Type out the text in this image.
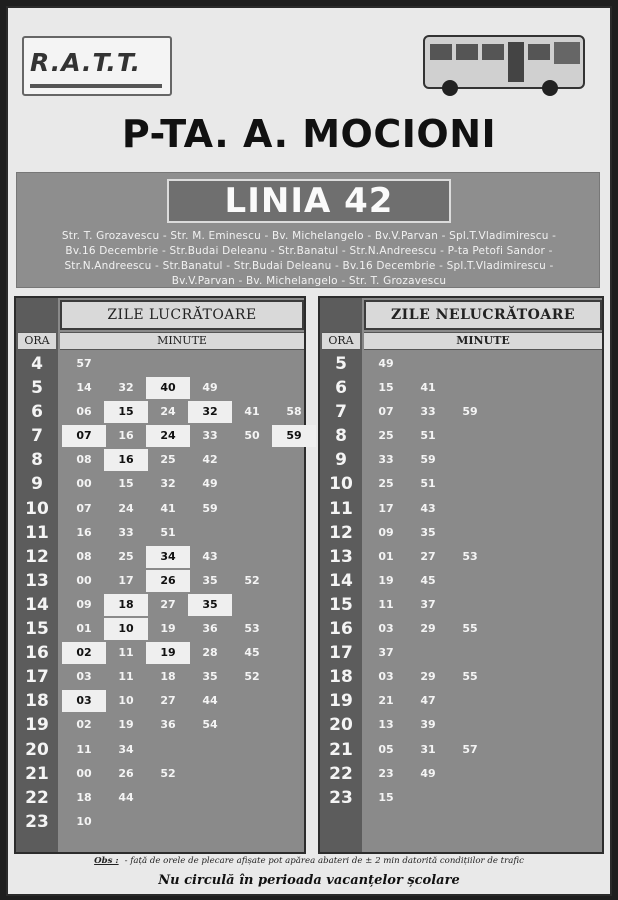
R.A.T.T.
P-TA. A. MOCIONI
LINIA 42
Str. T. Grozavescu - Str. M. Eminescu - Bv. Michelangelo - Bv.V.Parvan - Spl.T.Vladimirescu -
Bv.16 Decembrie - Str.Budai Deleanu - Str.Banatul - Str.N.Andreescu - P-ta Petofi Sandor -
Str.N.Andreescu - Str.Banatul - Str.Budai Deleanu - Bv.16 Decembrie - Spl.T.Vladimirescu -
Bv.V.Parvan - Bv. Michelangelo - Str. T. Grozavescu
ZILE LUCRĂTOARE
ORA	MINUTE
4	57
5	14	32	40	49
6	06	15	24	32	41	58
7	07	16	24	33	50	59
8	08	16	25	42
9	00	15	32	49
10	07	24	41	59
11	16	33	51
12	08	25	34	43
13	00	17	26	35	52
14	09	18	27	35
15	01	10	19	36	53
16	02	11	19	28	45
17	03	11	18	35	52
18	03	10	27	44
19	02	19	36	54
20	11	34
21	00	26	52
22	18	44
23	10
ZILE NELUCRĂTOARE
ORA	MINUTE
5	49
6	15	41
7	07	33	59
8	25	51
9	33	59
10	25	51
11	17	43
12	09	35
13	01	27	53
14	19	45
15	11	37
16	03	29	55
17	37
18	03	29	55
19	21	47
20	13	39
21	05	31	57
22	23	49
23	15
Obs : - față de orele de plecare afișate pot apărea abateri de ± 2 min datorită condițiilor de trafic
Nu circulă în perioada vacanțelor școlare
